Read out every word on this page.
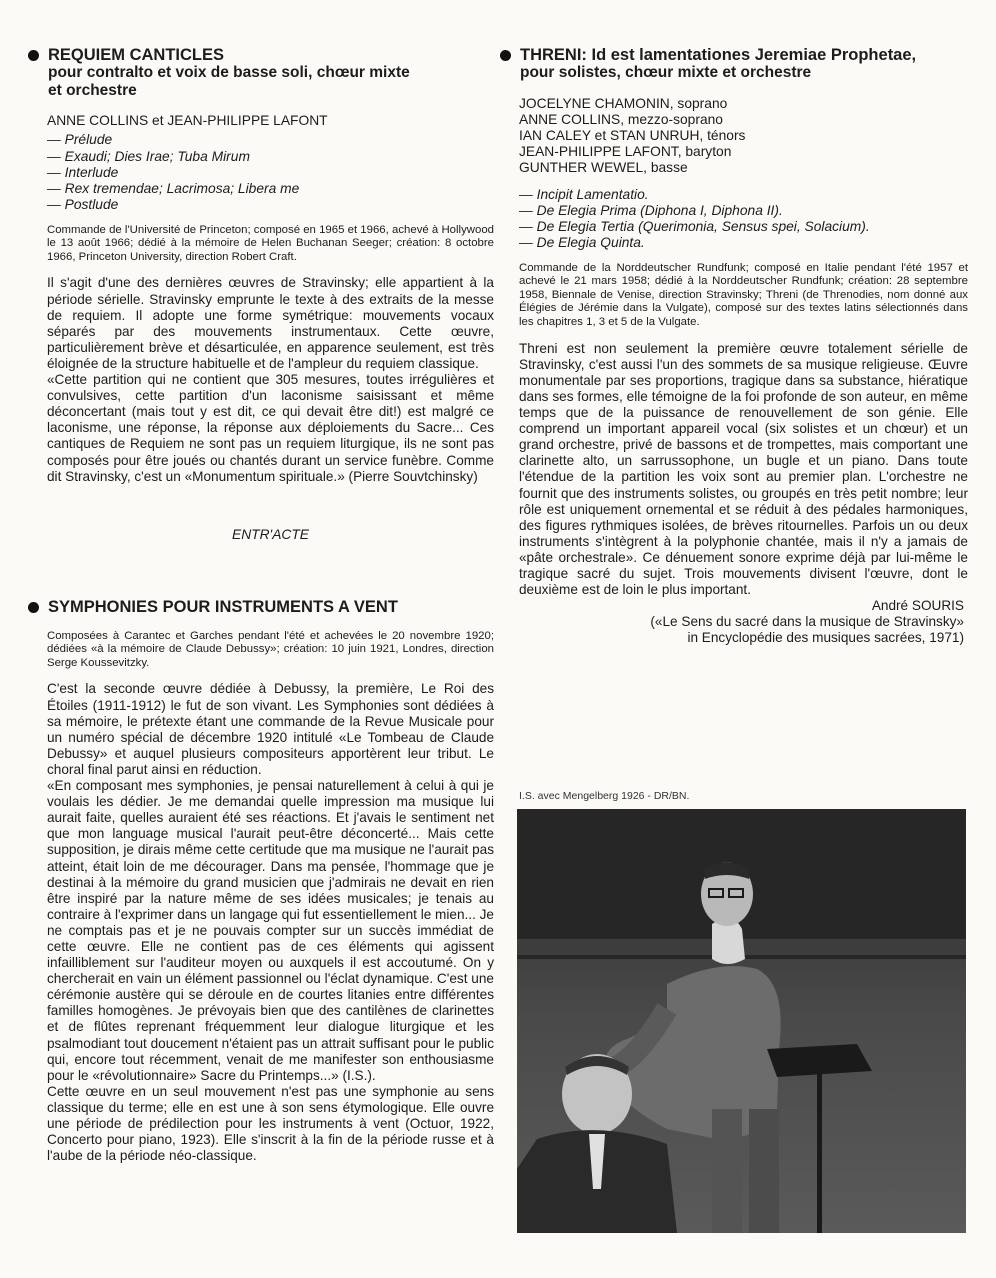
REQUIEM CANTICLES
pour contralto et voix de basse soli, chœur mixte
et orchestre
ANNE COLLINS et JEAN-PHILIPPE LAFONT
— Prélude
— Exaudi; Dies Irae; Tuba Mirum
— Interlude
— Rex tremendae; Lacrimosa; Libera me
— Postlude
Commande de l'Université de Princeton; composé en 1965 et 1966, achevé à Hollywood le 13 août 1966; dédié à la mémoire de Helen Buchanan Seeger; création: 8 octobre 1966, Princeton University, direction Robert Craft.

Il s'agit d'une des dernières œuvres de Stravinsky; elle appartient à la période sérielle. Stravinsky emprunte le texte à des extraits de la messe de requiem. Il adopte une forme symétrique: mouvements vocaux séparés par des mouvements instrumentaux. Cette œuvre, particulièrement brève et désarticulée, en apparence seulement, est très éloignée de la structure habituelle et de l'ampleur du requiem classique.

«Cette partition qui ne contient que 305 mesures, toutes irrégulières et convulsives, cette partition d'un laconisme saisissant et même déconcertant (mais tout y est dit, ce qui devait être dit!) est malgré ce laconisme, une réponse, la réponse aux déploiements du Sacre... Ces cantiques de Requiem ne sont pas un requiem liturgique, ils ne sont pas composés pour être joués ou chantés durant un service funèbre. Comme dit Stravinsky, c'est un «Monumentum spirituale.» (Pierre Souvtchinsky)

ENTR'ACTE
SYMPHONIES POUR INSTRUMENTS A VENT
Composées à Carantec et Garches pendant l'été et achevées le 20 novembre 1920; dédiées «à la mémoire de Claude Debussy»; création: 10 juin 1921, Londres, direction Serge Koussevitzky.

C'est la seconde œuvre dédiée à Debussy, la première, Le Roi des Étoiles (1911-1912) le fut de son vivant. Les Symphonies sont dédiées à sa mémoire, le prétexte étant une commande de la Revue Musicale pour un numéro spécial de décembre 1920 intitulé «Le Tombeau de Claude Debussy» et auquel plusieurs compositeurs apportèrent leur tribut. Le choral final parut ainsi en réduction.

«En composant mes symphonies, je pensai naturellement à celui à qui je voulais les dédier. Je me demandai quelle impression ma musique lui aurait faite, quelles auraient été ses réactions. Et j'avais le sentiment net que mon language musical l'aurait peut-être déconcerté... Mais cette supposition, je dirais même cette certitude que ma musique ne l'aurait pas atteint, était loin de me décourager. Dans ma pensée, l'hommage que je destinai à la mémoire du grand musicien que j'admirais ne devait en rien être inspiré par la nature même de ses idées musicales; je tenais au contraire à l'exprimer dans un langage qui fut essentiellement le mien... Je ne comptais pas et je ne pouvais compter sur un succès immédiat de cette œuvre. Elle ne contient pas de ces éléments qui agissent infailliblement sur l'auditeur moyen ou auxquels il est accoutumé. On y chercherait en vain un élément passionnel ou l'éclat dynamique. C'est une cérémonie austère qui se déroule en de courtes litanies entre différentes familles homogènes. Je prévoyais bien que des cantilènes de clarinettes et de flûtes reprenant fréquemment leur dialogue liturgique et les psalmodiant tout doucement n'étaient pas un attrait suffisant pour le public qui, encore tout récemment, venait de me manifester son enthousiasme pour le «révolutionnaire» Sacre du Printemps...» (I.S.).

Cette œuvre en un seul mouvement n'est pas une symphonie au sens classique du terme; elle en est une à son sens étymologique. Elle ouvre une période de prédilection pour les instruments à vent (Octuor, 1922, Concerto pour piano, 1923). Elle s'inscrit à la fin de la période russe et à l'aube de la période néo-classique.

THRENI: Id est lamentationes Jeremiae Prophetae,
pour solistes, chœur mixte et orchestre
JOCELYNE CHAMONIN, soprano
ANNE COLLINS, mezzo-soprano
IAN CALEY et STAN UNRUH, ténors
JEAN-PHILIPPE LAFONT, baryton
GUNTHER WEWEL, basse
— Incipit Lamentatio.
— De Elegia Prima (Diphona I, Diphona II).
— De Elegia Tertia (Querimonia, Sensus spei, Solacium).
— De Elegia Quinta.
Commande de la Norddeutscher Rundfunk; composé en Italie pendant l'été 1957 et achevé le 21 mars 1958; dédié à la Norddeutscher Rundfunk; création: 28 septembre 1958, Biennale de Venise, direction Stravinsky; Threni (de Threnodies, nom donné aux Élégies de Jérémie dans la Vulgate), composé sur des textes latins sélectionnés dans les chapitres 1, 3 et 5 de la Vulgate.

Threni est non seulement la première œuvre totalement sérielle de Stravinsky, c'est aussi l'un des sommets de sa musique religieuse. Œuvre monumentale par ses proportions, tragique dans sa substance, hiératique dans ses formes, elle témoigne de la foi profonde de son auteur, en même temps que de la puissance de renouvellement de son génie. Elle comprend un important appareil vocal (six solistes et un chœur) et un grand orchestre, privé de bassons et de trompettes, mais comportant une clarinette alto, un sarrussophone, un bugle et un piano. Dans toute l'étendue de la partition les voix sont au premier plan. L'orchestre ne fournit que des instruments solistes, ou groupés en très petit nombre; leur rôle est uniquement ornemental et se réduit à des pédales harmoniques, des figures rythmiques isolées, de brèves ritournelles. Parfois un ou deux instruments s'intègrent à la polyphonie chantée, mais il n'y a jamais de «pâte orchestrale». Ce dénuement sonore exprime déjà par lui-même le tragique sacré du sujet. Trois mouvements divisent l'œuvre, dont le deuxième est de loin le plus important.

André SOURIS
(«Le Sens du sacré dans la musique de Stravinsky»
in Encyclopédie des musiques sacrées, 1971)
I.S. avec Mengelberg 1926 - DR/BN.
